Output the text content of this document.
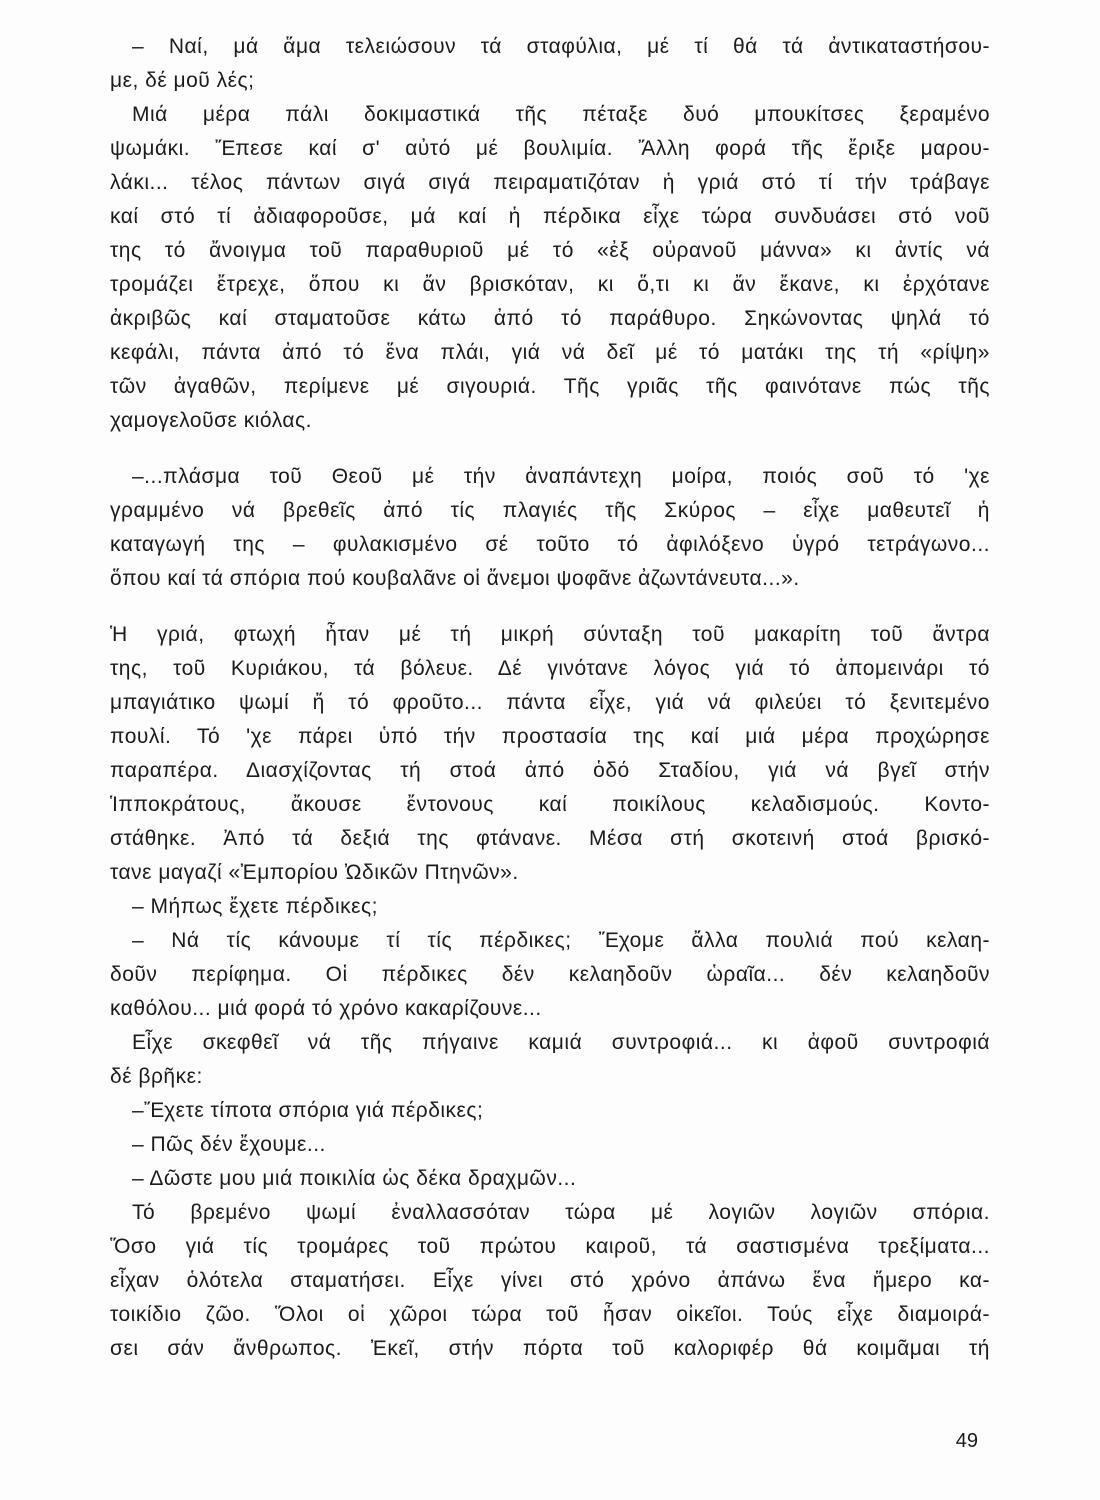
– Ναί, μά ἅμα τελειώσουν τά σταφύλια, μέ τί θά τά ἀντικαταστήσου-
με, δέ μοῦ λές;
Μιά μέρα πάλι δοκιμαστικά τῆς πέταξε δυό μπουκίτσες ξεραμένο
ψωμάκι. Ἔπεσε καί σ' αὐτό μέ βουλιμία. Ἄλλη φορά τῆς ἔριξε μαρου-
λάκι... τέλος πάντων σιγά σιγά πειραματιζόταν ἡ γριά στό τί τήν τράβαγε
καί στό τί ἀδιαφοροῦσε, μά καί ἡ πέρδικα εἶχε τώρα συνδυάσει στό νοῦ
της τό ἄνοιγμα τοῦ παραθυριοῦ μέ τό «ἐξ οὐρανοῦ μάννα» κι ἀντίς νά
τρομάζει ἔτρεχε, ὅπου κι ἄν βρισκόταν, κι ὅ,τι κι ἄν ἔκανε, κι ἐρχότανε
ἀκριβῶς καί σταματοῦσε κάτω ἀπό τό παράθυρο. Σηκώνοντας ψηλά τό
κεφάλι, πάντα ἀπό τό ἕνα πλάι, γιά νά δεῖ μέ τό ματάκι της τή «ρίψη»
τῶν ἀγαθῶν, περίμενε μέ σιγουριά. Τῆς γριᾶς τῆς φαινότανε πώς τῆς
χαμογελοῦσε κιόλας.
–...πλάσμα τοῦ Θεοῦ μέ τήν ἀναπάντεχη μοίρα, ποιός σοῦ τό 'χε
γραμμένο νά βρεθεῖς ἀπό τίς πλαγιές τῆς Σκύρος – εἶχε μαθευτεῖ ἡ
καταγωγή της – φυλακισμένο σέ τοῦτο τό ἀφιλόξενο ὑγρό τετράγωνο...
ὅπου καί τά σπόρια πού κουβαλᾶνε οἱ ἄνεμοι ψοφᾶνε ἀζωντάνευτα...».
Ἡ γριά, φτωχή ἦταν μέ τή μικρή σύνταξη τοῦ μακαρίτη τοῦ ἄντρα
της, τοῦ Κυριάκου, τά βόλευε. Δέ γινότανε λόγος γιά τό ἀπομεινάρι τό
μπαγιάτικο ψωμί ἤ τό φροῦτο... πάντα εἶχε, γιά νά φιλεύει τό ξενιτεμένο
πουλί. Τό 'χε πάρει ὑπό τήν προστασία της καί μιά μέρα προχώρησε
παραπέρα. Διασχίζοντας τή στοά ἀπό ὁδό Σταδίου, γιά νά βγεῖ στήν
Ἱπποκράτους, ἄκουσε ἔντονους καί ποικίλους κελαδισμούς. Κοντο-
στάθηκε. Ἀπό τά δεξιά της φτάνανε. Μέσα στή σκοτεινή στοά βρισκό-
τανε μαγαζί «Ἐμπορίου Ὠδικῶν Πτηνῶν».
– Μήπως ἔχετε πέρδικες;
– Νά τίς κάνουμε τί τίς πέρδικες; Ἔχομε ἄλλα πουλιά πού κελαη-
δοῦν περίφημα. Οἱ πέρδικες δέν κελαηδοῦν ὡραῖα... δέν κελαηδοῦν
καθόλου... μιά φορά τό χρόνο κακαρίζουνε...
Εἶχε σκεφθεῖ νά τῆς πήγαινε καμιά συντροφιά... κι ἀφοῦ συντροφιά
δέ βρῆκε:
–Ἔχετε τίποτα σπόρια γιά πέρδικες;
– Πῶς δέν ἔχουμε...
– Δῶστε μου μιά ποικιλία ὡς δέκα δραχμῶν...
Τό βρεμένο ψωμί ἐναλλασσόταν τώρα μέ λογιῶν λογιῶν σπόρια.
Ὅσο γιά τίς τρομάρες τοῦ πρώτου καιροῦ, τά σαστισμένα τρεξίματα...
εἶχαν ὁλότελα σταματήσει. Εἶχε γίνει στό χρόνο ἀπάνω ἕνα ἥμερο κα-
τοικίδιο ζῶο. Ὅλοι οἱ χῶροι τώρα τοῦ ἦσαν οἰκεῖοι. Τούς εἶχε διαμοιρά-
σει σάν ἄνθρωπος. Ἐκεῖ, στήν πόρτα τοῦ καλοριφέρ θά κοιμᾶμαι τή
49
